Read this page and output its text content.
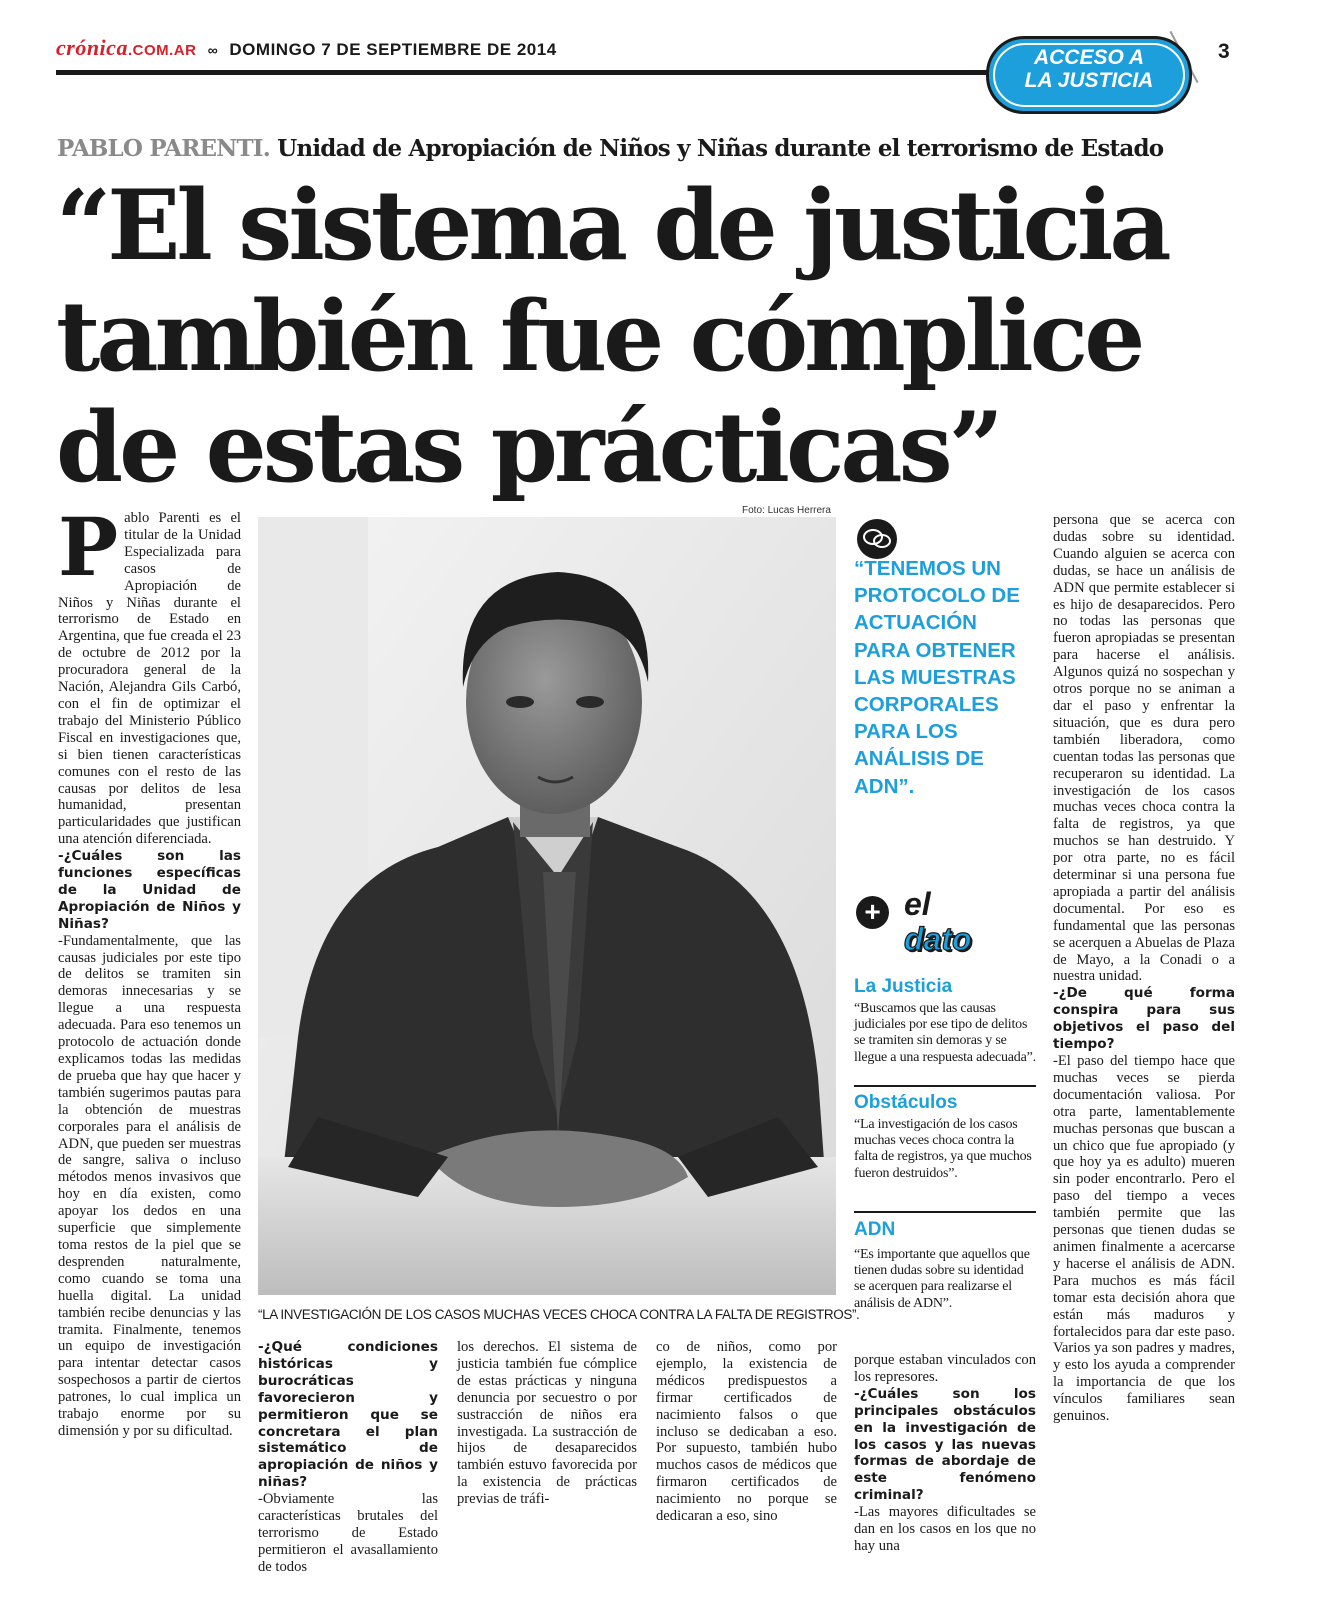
crónica.COM.AR ∞ DOMINGO 7 DE SEPTIEMBRE DE 2014	3
ACCESO A
LA JUSTICIA
PABLO PARENTI. Unidad de Apropiación de Niños y Niñas durante el terrorismo de Estado
“El sistema de justicia
también fue cómplice
de estas prácticas”
Foto: Lucas Herrera
“LA INVESTIGACIÓN DE LOS CASOS MUCHAS VECES CHOCA CONTRA LA FALTA DE REGISTROS”.
P ablo Parenti es el titular de la Unidad Especializada para casos de Apropiación de Niños y Niñas durante el terrorismo de Estado en Argentina, que fue creada el 23 de octubre de 2012 por la procuradora general de la Nación, Alejandra Gils Carbó, con el fin de optimizar el trabajo del Ministerio Público Fiscal en investigaciones que, si bien tienen características comunes con el resto de las causas por delitos de lesa humanidad, presentan particularidades que justifican una atención diferenciada.

-¿Cuáles son las funciones específicas de la Unidad de Apropiación de Niños y Niñas?

-Fundamentalmente, que las causas judiciales por este tipo de delitos se tramiten sin demoras innecesarias y se llegue a una respuesta adecuada. Para eso tenemos un protocolo de actuación donde explicamos todas las medidas de prueba que hay que hacer y también sugerimos pautas para la obtención de muestras corporales para el análisis de ADN, que pueden ser muestras de sangre, saliva o incluso métodos menos invasivos que hoy en día existen, como apoyar los dedos en una superficie que simplemente toma restos de la piel que se desprenden naturalmente, como cuando se toma una huella digital. La unidad también recibe denuncias y las tramita. Finalmente, tenemos un equipo de investigación para intentar detectar casos sospechosos a partir de ciertos patrones, lo cual implica un trabajo enorme por su dimensión y por su dificultad.

-¿Qué condiciones históricas y burocráticas favorecieron y permitieron que se concretara el plan sistemático de apropiación de niños y niñas?

-Obviamente las características brutales del terrorismo de Estado permitieron el avasallamiento de todos

los derechos. El sistema de justicia también fue cómplice de estas prácticas y ninguna denuncia por secuestro o por sustracción de niños era investigada. La sustracción de hijos de desaparecidos también estuvo favorecida por la existencia de prácticas previas de tráfi-

co de niños, como por ejemplo, la existencia de médicos predispuestos a firmar certificados de nacimiento falsos o que incluso se dedicaban a eso. Por supuesto, también hubo muchos casos de médicos que firmaron certificados de nacimiento no porque se dedicaran a eso, sino

porque estaban vinculados con los represores.

-¿Cuáles son los principales obstáculos en la investigación de los casos y las nuevas formas de abordaje de este fenómeno criminal?

-Las mayores dificultades se dan en los casos en los que no hay una

persona que se acerca con dudas sobre su identidad. Cuando alguien se acerca con dudas, se hace un análisis de ADN que permite establecer si es hijo de desaparecidos. Pero no todas las personas que fueron apropiadas se presentan para hacerse el análisis. Algunos quizá no sospechan y otros porque no se animan a dar el paso y enfrentar la situación, que es dura pero también liberadora, como cuentan todas las personas que recuperaron su identidad. La investigación de los casos muchas veces choca contra la falta de registros, ya que muchos se han destruido. Y por otra parte, no es fácil determinar si una persona fue apropiada a partir del análisis documental. Por eso es fundamental que las personas se acerquen a Abuelas de Plaza de Mayo, a la Conadi o a nuestra unidad.

-¿De qué forma conspira para sus objetivos el paso del tiempo?

-El paso del tiempo hace que muchas veces se pierda documentación valiosa. Por otra parte, lamentablemente muchas personas que buscan a un chico que fue apropiado (y que hoy ya es adulto) mueren sin poder encontrarlo. Pero el paso del tiempo a veces también permite que las personas que tienen dudas se animen finalmente a acercarse y hacerse el análisis de ADN. Para muchos es más fácil tomar esta decisión ahora que están más maduros y fortalecidos para dar este paso. Varios ya son padres y madres, y esto los ayuda a comprender la importancia de que los vínculos familiares sean genuinos.

“TENEMOS UN PROTOCOLO DE ACTUACIÓN PARA OBTENER LAS MUESTRAS CORPORALES PARA LOS ANÁLISIS DE ADN”.
+ el
dato
La Justicia
“Buscamos que las causas judiciales por ese tipo de delitos se tramiten sin demoras y se llegue a una respuesta adecuada”.
Obstáculos
“La investigación de los casos muchas veces choca contra la falta de registros, ya que muchos fueron destruidos”.
ADN
“Es importante que aquellos que tienen dudas sobre su identidad se acerquen para realizarse el análisis de ADN”.
